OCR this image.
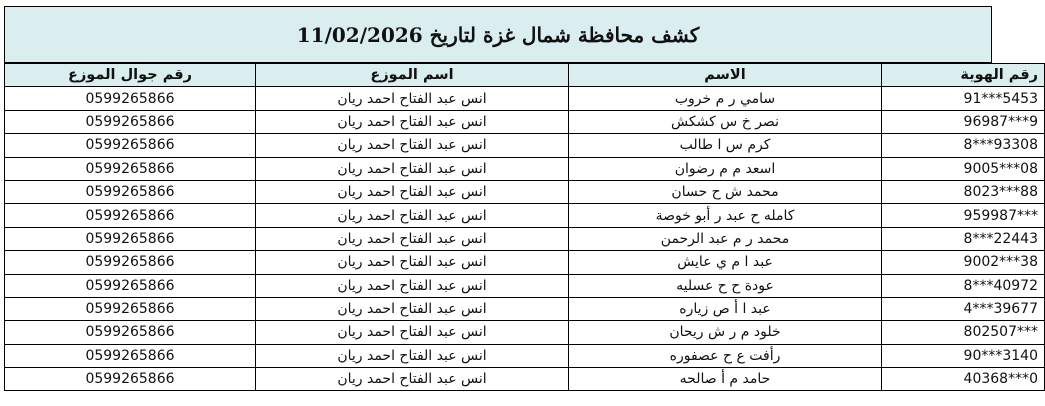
كشف محافظة شمال غزة لتاريخ 11/02/2026
رقم الهوية	الاسم	اسم الموزع	رقم جوال الموزع
91***5453	سامي ر م خروب	انس عبد الفتاح احمد ريان	0599265866
96987***9	نصر خ س كشكش	انس عبد الفتاح احمد ريان	0599265866
8***93308	كرم س ا طالب	انس عبد الفتاح احمد ريان	0599265866
9005***08	اسعد م م رضوان	انس عبد الفتاح احمد ريان	0599265866
8023***88	محمد ش ح حسان	انس عبد الفتاح احمد ريان	0599265866
959987***	كامله ح عبد ر أبو خوصة	انس عبد الفتاح احمد ريان	0599265866
8***22443	محمد ر م عبد الرحمن	انس عبد الفتاح احمد ريان	0599265866
9002***38	عبد ا م ي عايش	انس عبد الفتاح احمد ريان	0599265866
8***40972	عودة ح ح عسليه	انس عبد الفتاح احمد ريان	0599265866
4***39677	عبد ا أ ص زياره	انس عبد الفتاح احمد ريان	0599265866
802507***	خلود م ر ش ريحان	انس عبد الفتاح احمد ريان	0599265866
90***3140	رأفت ع ح عصفوره	انس عبد الفتاح احمد ريان	0599265866
40368***0	حامد م أ صالحه	انس عبد الفتاح احمد ريان	0599265866
